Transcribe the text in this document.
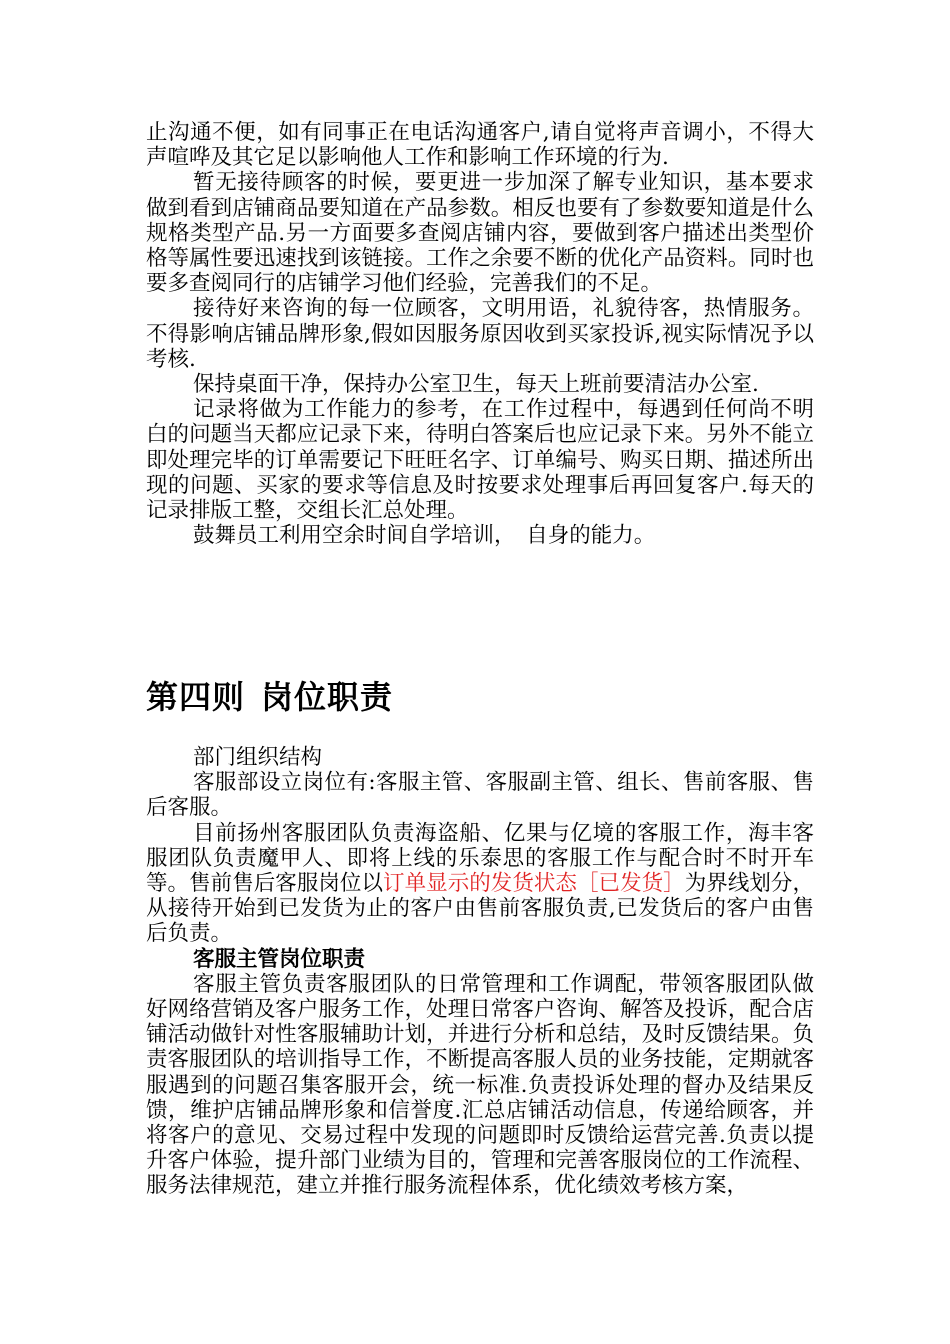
止沟通不便，如有同事正在电话沟通客户,请自觉将声音调小，不得大声喧哗及其它足以影响他人工作和影响工作环境的行为.

暂无接待顾客的时候，要更进一步加深了解专业知识，基本要求做到看到店铺商品要知道在产品参数。相反也要有了参数要知道是什么规格类型产品.另一方面要多查阅店铺内容，要做到客户描述出类型价格等属性要迅速找到该链接。工作之余要不断的优化产品资料。同时也要多查阅同行的店铺学习他们经验，完善我们的不足。

接待好来咨询的每一位顾客，文明用语，礼貌待客，热情服务。不得影响店铺品牌形象,假如因服务原因收到买家投诉,视实际情况予以考核.

保持桌面干净，保持办公室卫生，每天上班前要清洁办公室.

记录将做为工作能力的参考，在工作过程中，每遇到任何尚不明白的问题当天都应记录下来，待明白答案后也应记录下来。另外不能立即处理完毕的订单需要记下旺旺名字、订单编号、购买日期、描述所出现的问题、买家的要求等信息及时按要求处理事后再回复客户.每天的记录排版工整，交组长汇总处理。

鼓舞员工利用空余时间自学培训，　自身的能力。

第四则 岗位职责

部门组织结构

客服部设立岗位有:客服主管、客服副主管、组长、售前客服、售后客服。

目前扬州客服团队负责海盗船、亿果与亿境的客服工作，海丰客服团队负责魔甲人、即将上线的乐泰思的客服工作与配合时不时开车等。售前售后客服岗位以订单显示的发货状态［已发货］为界线划分，从接待开始到已发货为止的客户由售前客服负责,已发货后的客户由售后负责。

客服主管岗位职责

客服主管负责客服团队的日常管理和工作调配，带领客服团队做好网络营销及客户服务工作，处理日常客户咨询、解答及投诉，配合店铺活动做针对性客服辅助计划，并进行分析和总结，及时反馈结果。负责客服团队的培训指导工作，不断提高客服人员的业务技能，定期就客服遇到的问题召集客服开会，统一标准.负责投诉处理的督办及结果反馈，维护店铺品牌形象和信誉度.汇总店铺活动信息，传递给顾客，并将客户的意见、交易过程中发现的问题即时反馈给运营完善.负责以提升客户体验，提升部门业绩为目的，管理和完善客服岗位的工作流程、服务法律规范，建立并推行服务流程体系，优化绩效考核方案，
